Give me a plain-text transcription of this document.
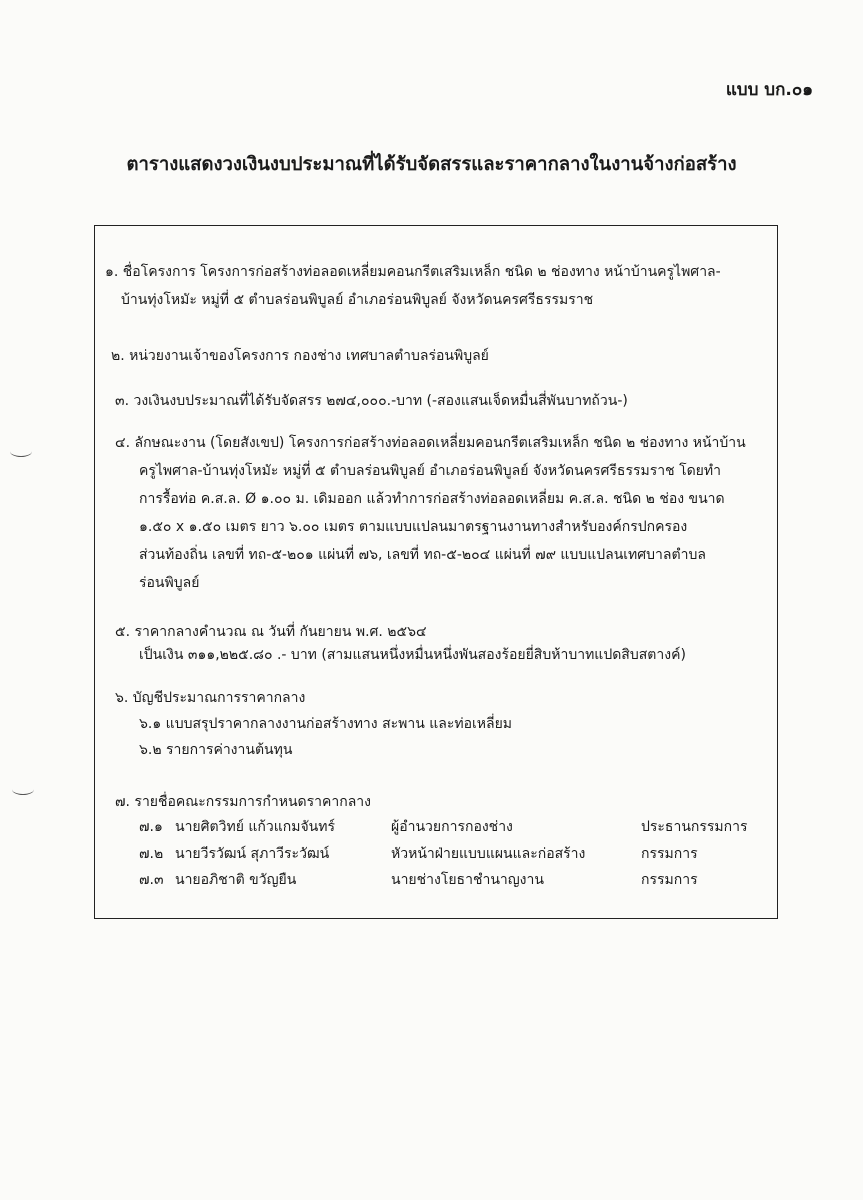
แบบ บก.๐๑
ตารางแสดงวงเงินงบประมาณที่ได้รับจัดสรรและราคากลางในงานจ้างก่อสร้าง
๑. ชื่อโครงการ โครงการก่อสร้างท่อลอดเหลี่ยมคอนกรีตเสริมเหล็ก ชนิด ๒ ช่องทาง หน้าบ้านครูไพศาล-
บ้านทุ่งโหมัะ หมู่ที่ ๕ ตำบลร่อนพิบูลย์ อำเภอร่อนพิบูลย์ จังหวัดนครศรีธรรมราช
๒. หน่วยงานเจ้าของโครงการ กองช่าง เทศบาลตำบลร่อนพิบูลย์
๓. วงเงินงบประมาณที่ได้รับจัดสรร ๒๗๔,๐๐๐.-บาท (-สองแสนเจ็ดหมื่นสี่พันบาทถ้วน-)
๔. ลักษณะงาน (โดยสังเขป) โครงการก่อสร้างท่อลอดเหลี่ยมคอนกรีตเสริมเหล็ก ชนิด ๒ ช่องทาง หน้าบ้าน
ครูไพศาล-บ้านทุ่งโหมัะ หมู่ที่ ๕ ตำบลร่อนพิบูลย์ อำเภอร่อนพิบูลย์ จังหวัดนครศรีธรรมราช โดยทำ
การรื้อท่อ ค.ส.ล. Ø ๑.๐๐ ม. เดิมออก แล้วทำการก่อสร้างท่อลอดเหลี่ยม ค.ส.ล. ชนิด ๒ ช่อง ขนาด
๑.๕๐ x ๑.๕๐ เมตร ยาว ๖.๐๐ เมตร ตามแบบแปลนมาตรฐานงานทางสำหรับองค์กรปกครอง
ส่วนท้องถิ่น เลขที่ ทถ-๕-๒๐๑ แผ่นที่ ๗๖, เลขที่ ทถ-๕-๒๐๔ แผ่นที่ ๗๙ แบบแปลนเทศบาลตำบล
ร่อนพิบูลย์
๕. ราคากลางคำนวณ ณ วันที่ กันยายน พ.ศ. ๒๕๖๔
เป็นเงิน ๓๑๑,๒๒๕.๘๐ .- บาท (สามแสนหนึ่งหมื่นหนึ่งพันสองร้อยยี่สิบห้าบาทแปดสิบสตางค์)
๖. บัญชีประมาณการราคากลาง
๖.๑ แบบสรุปราคากลางงานก่อสร้างทาง สะพาน และท่อเหลี่ยม
๖.๒ รายการค่างานต้นทุน
๗. รายชื่อคณะกรรมการกำหนดราคากลาง
๗.๑ นายศิตวิทย์ แก้วแกมจันทร์	ผู้อำนวยการกองช่าง	ประธานกรรมการ
๗.๒ นายวีรวัฒน์ สุภาวีระวัฒน์	หัวหน้าฝ่ายแบบแผนและก่อสร้าง	กรรมการ
๗.๓ นายอภิชาติ ขวัญยืน	นายช่างโยธาชำนาญงาน	กรรมการ
